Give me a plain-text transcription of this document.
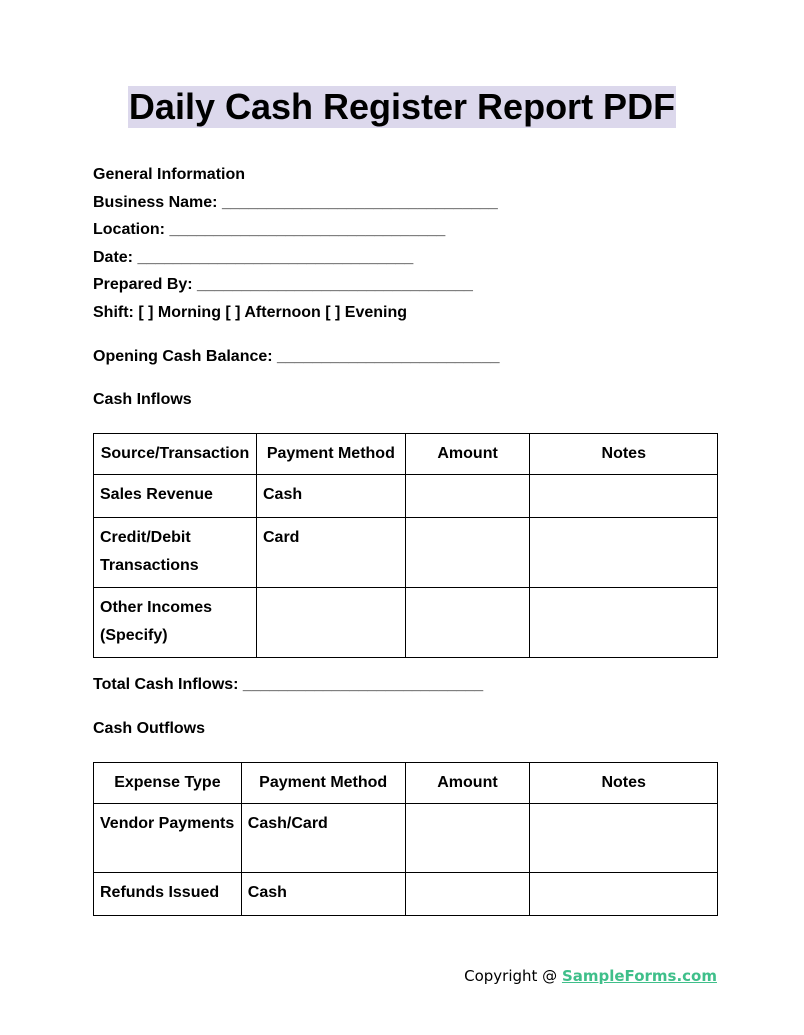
Daily Cash Register Report PDF
General Information
Business Name: _______________________________
Location: _______________________________
Date: _______________________________
Prepared By: _______________________________
Shift: [ ] Morning [ ] Afternoon [ ] Evening
Opening Cash Balance: _________________________
Cash Inflows
Source/Transaction	Payment Method	Amount	Notes
Sales Revenue	Cash		
Credit/Debit Transactions	Card		
Other Incomes (Specify)			
Total Cash Inflows: ___________________________
Cash Outflows
Expense Type	Payment Method	Amount	Notes
Vendor Payments	Cash/Card		
Refunds Issued	Cash		
Copyright @ SampleForms.com
